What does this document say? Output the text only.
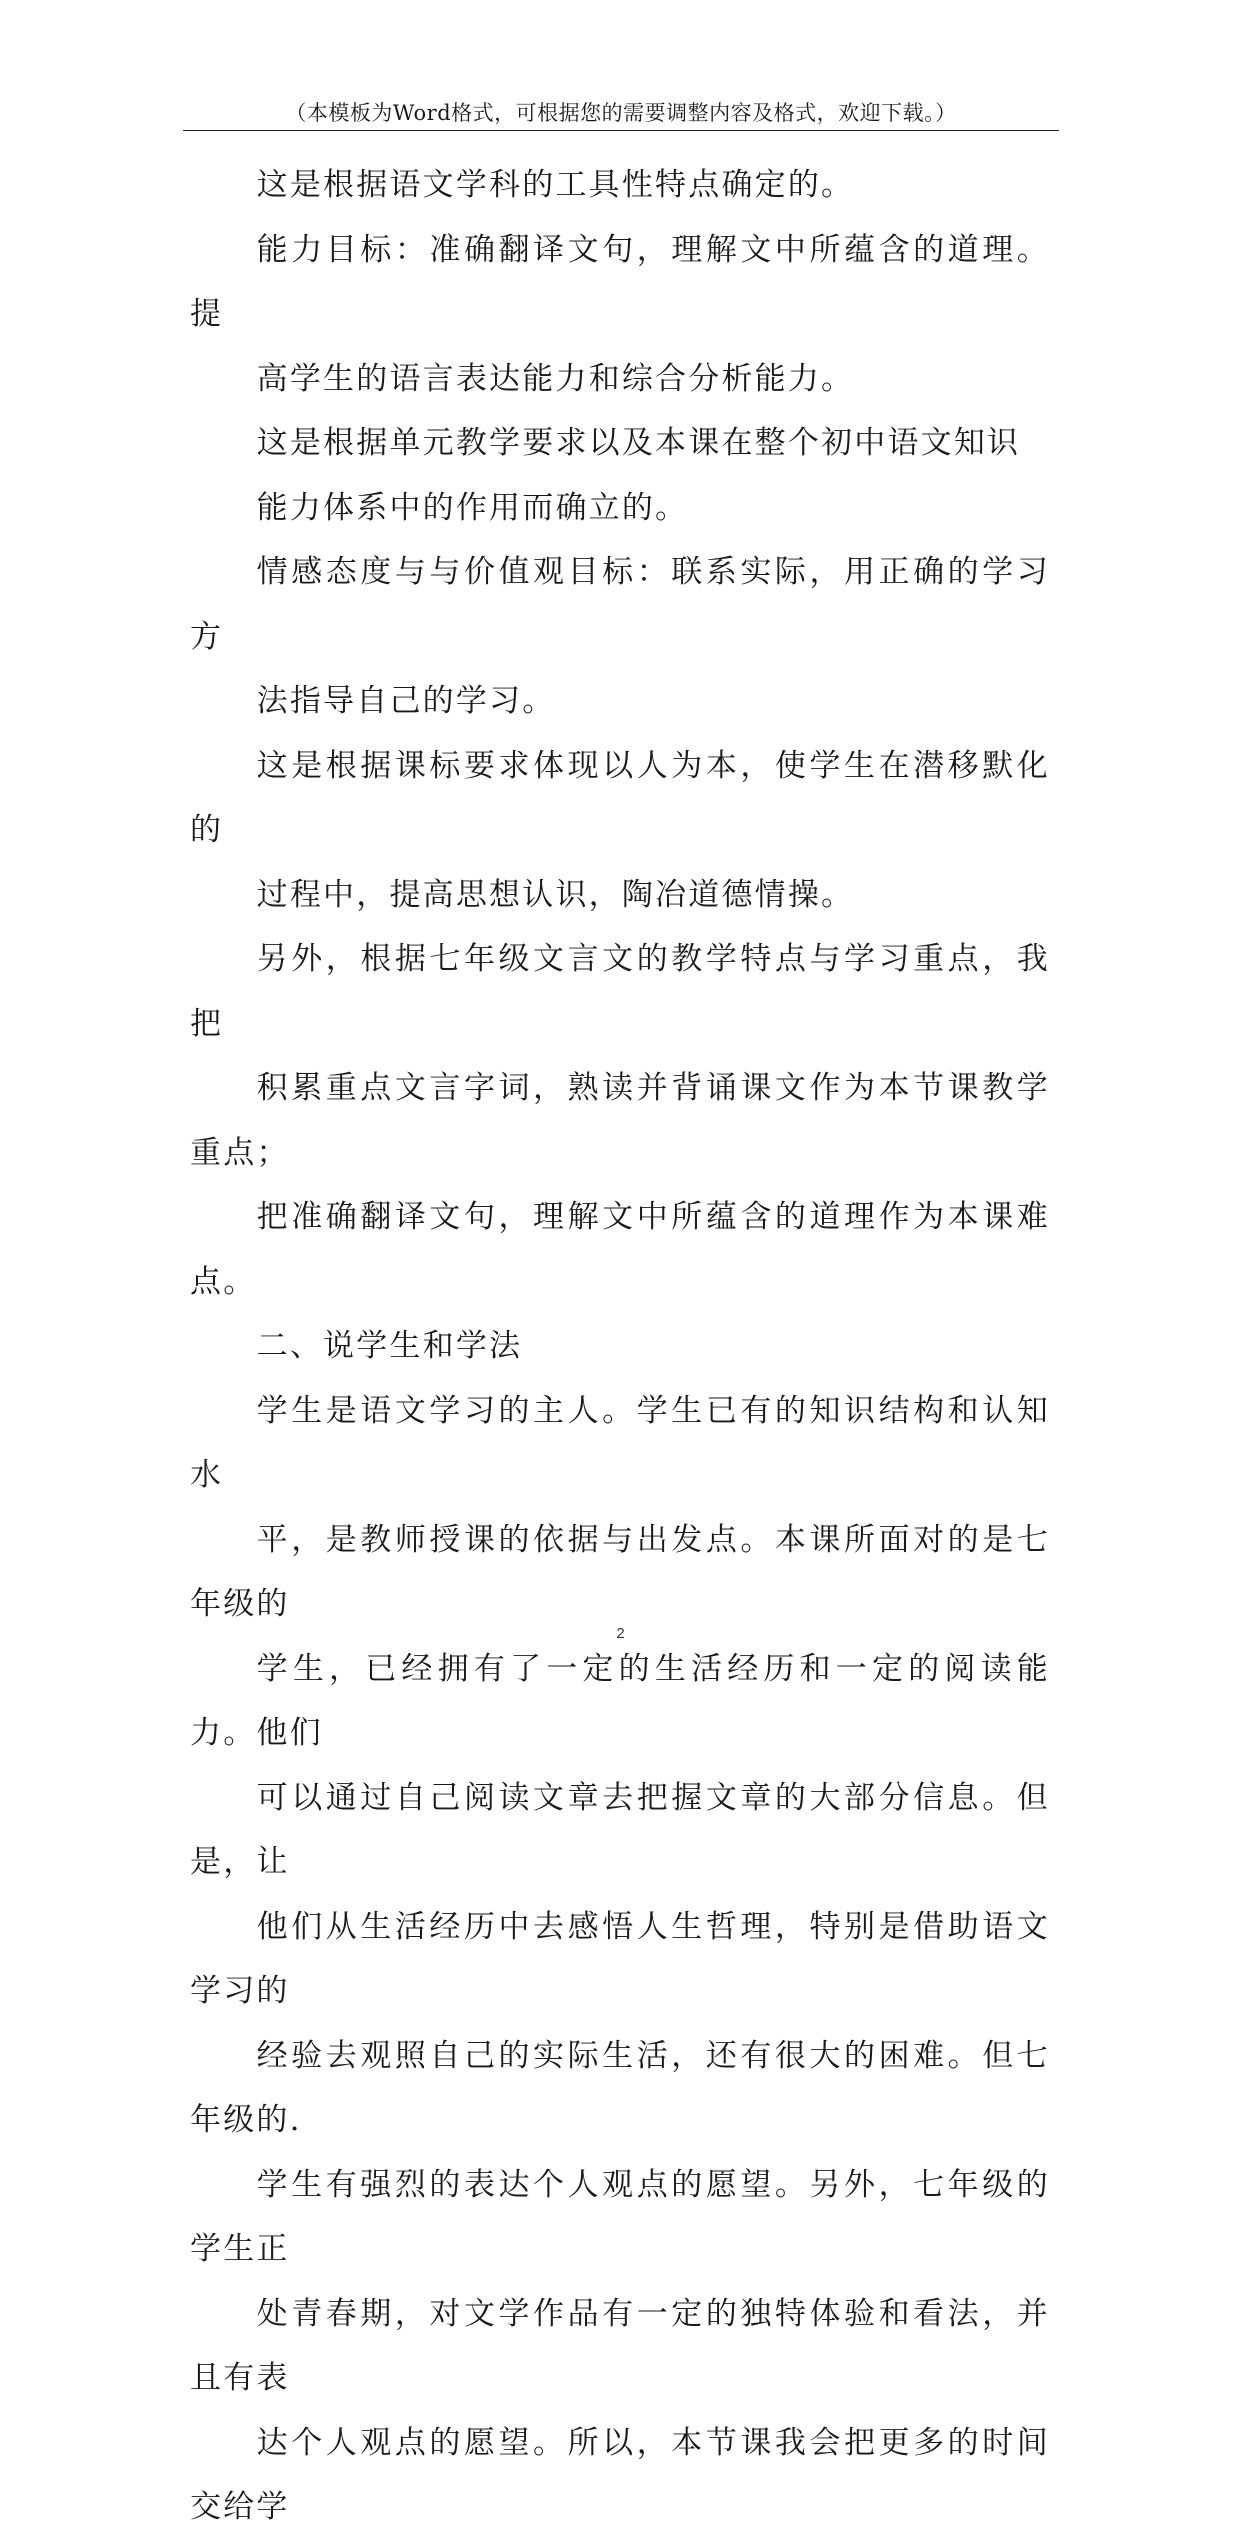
（本模板为Word格式，可根据您的需要调整内容及格式，欢迎下载。）

这是根据语文学科的工具性特点确定的。

能力目标：准确翻译文句，理解文中所蕴含的道理。提
高学生的语言表达能力和综合分析能力。

这是根据单元教学要求以及本课在整个初中语文知识
能力体系中的作用而确立的。

情感态度与与价值观目标：联系实际，用正确的学习方
法指导自己的学习。

这是根据课标要求体现以人为本，使学生在潜移默化的
过程中，提高思想认识，陶冶道德情操。

另外，根据七年级文言文的教学特点与学习重点，我把
积累重点文言字词，熟读并背诵课文作为本节课教学重点；
把准确翻译文句，理解文中所蕴含的道理作为本课难点。

二、说学生和学法

学生是语文学习的主人。学生已有的知识结构和认知水
平，是教师授课的依据与出发点。本课所面对的是七年级的
学生，已经拥有了一定的生活经历和一定的阅读能力。他们
可以通过自己阅读文章去把握文章的大部分信息。但是，让
他们从生活经历中去感悟人生哲理，特别是借助语文学习的
经验去观照自己的实际生活，还有很大的困难。但七年级的.
学生有强烈的表达个人观点的愿望。另外，七年级的学生正
处青春期，对文学作品有一定的独特体验和看法，并且有表
达个人观点的愿望。所以，本节课我会把更多的时间交给学

2
